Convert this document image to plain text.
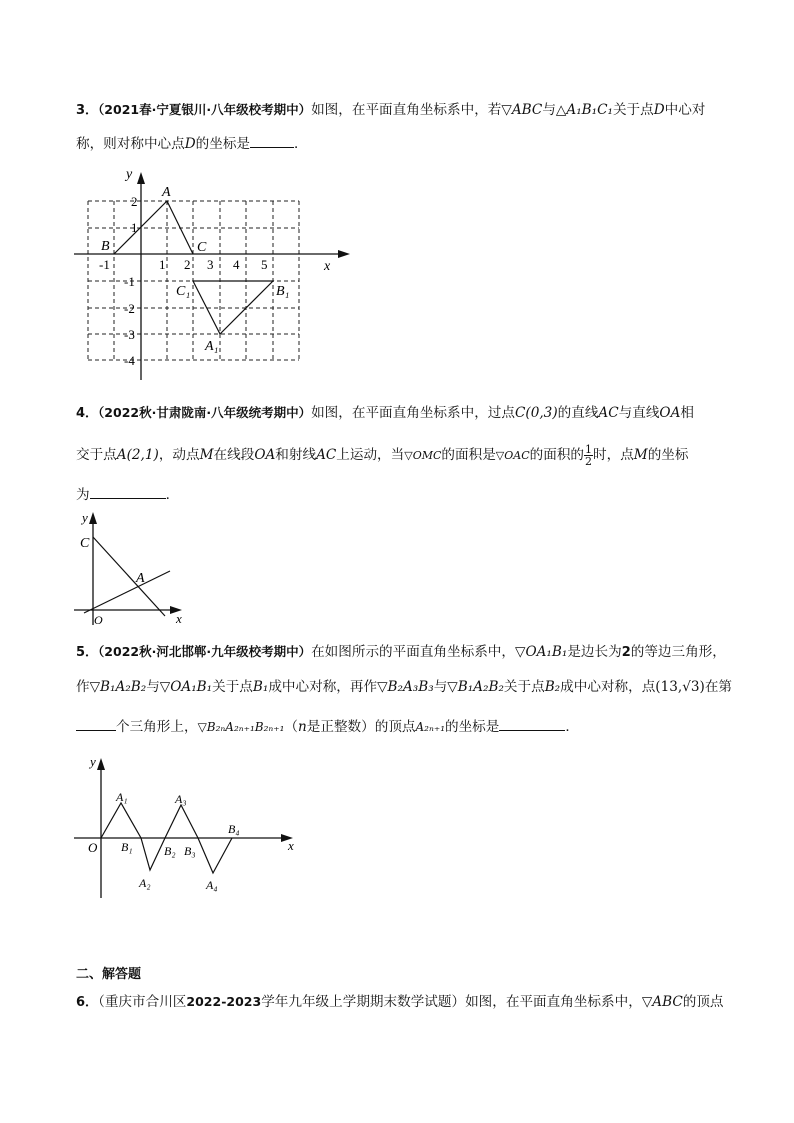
3．（2021春·宁夏银川·八年级校考期中）如图，在平面直角坐标系中，若▽ABC与△A₁B₁C₁关于点D中心对
称，则对称中心点D的坐标是	．
y
x
A
B	C
C₁	B₁
A₁
-1	1 2 3 4 5
2
1
-1
-2
-3
-4
4．（2022秋·甘肃陇南·八年级统考期中）如图，在平面直角坐标系中，过点C(0,3)的直线AC与直线OA相
交于点A(2,1)，动点M在线段OA和射线AC上运动，当▽OMC的面积是▽OAC的面积的 $\frac{1}{2}$ 时，点M的坐标
为	．
y
x
C
A
O
5．（2022秋·河北邯郸·九年级校考期中）在如图所示的平面直角坐标系中，▽OA₁B₁是边长为2的等边三角形，
作▽B₁A₂B₂与▽OA₁B₁关于点B₁成中心对称，再作▽B₂A₃B₃与▽B₁A₂B₂关于点B₂成中心对称，点(13,√3)在第
个三角形上，▽B₂ₙA₂ₙ₊₁B₂ₙ₊₁（n是正整数）的顶点A₂ₙ₊₁的坐标是	．
y
x
O
A₁	A₃
B₄
B₁	B₂ B₃
A₂	A₄
二、解答题
6．（重庆市合川区2022-2023学年九年级上学期期末数学试题）如图，在平面直角坐标系中，▽ABC的顶点
